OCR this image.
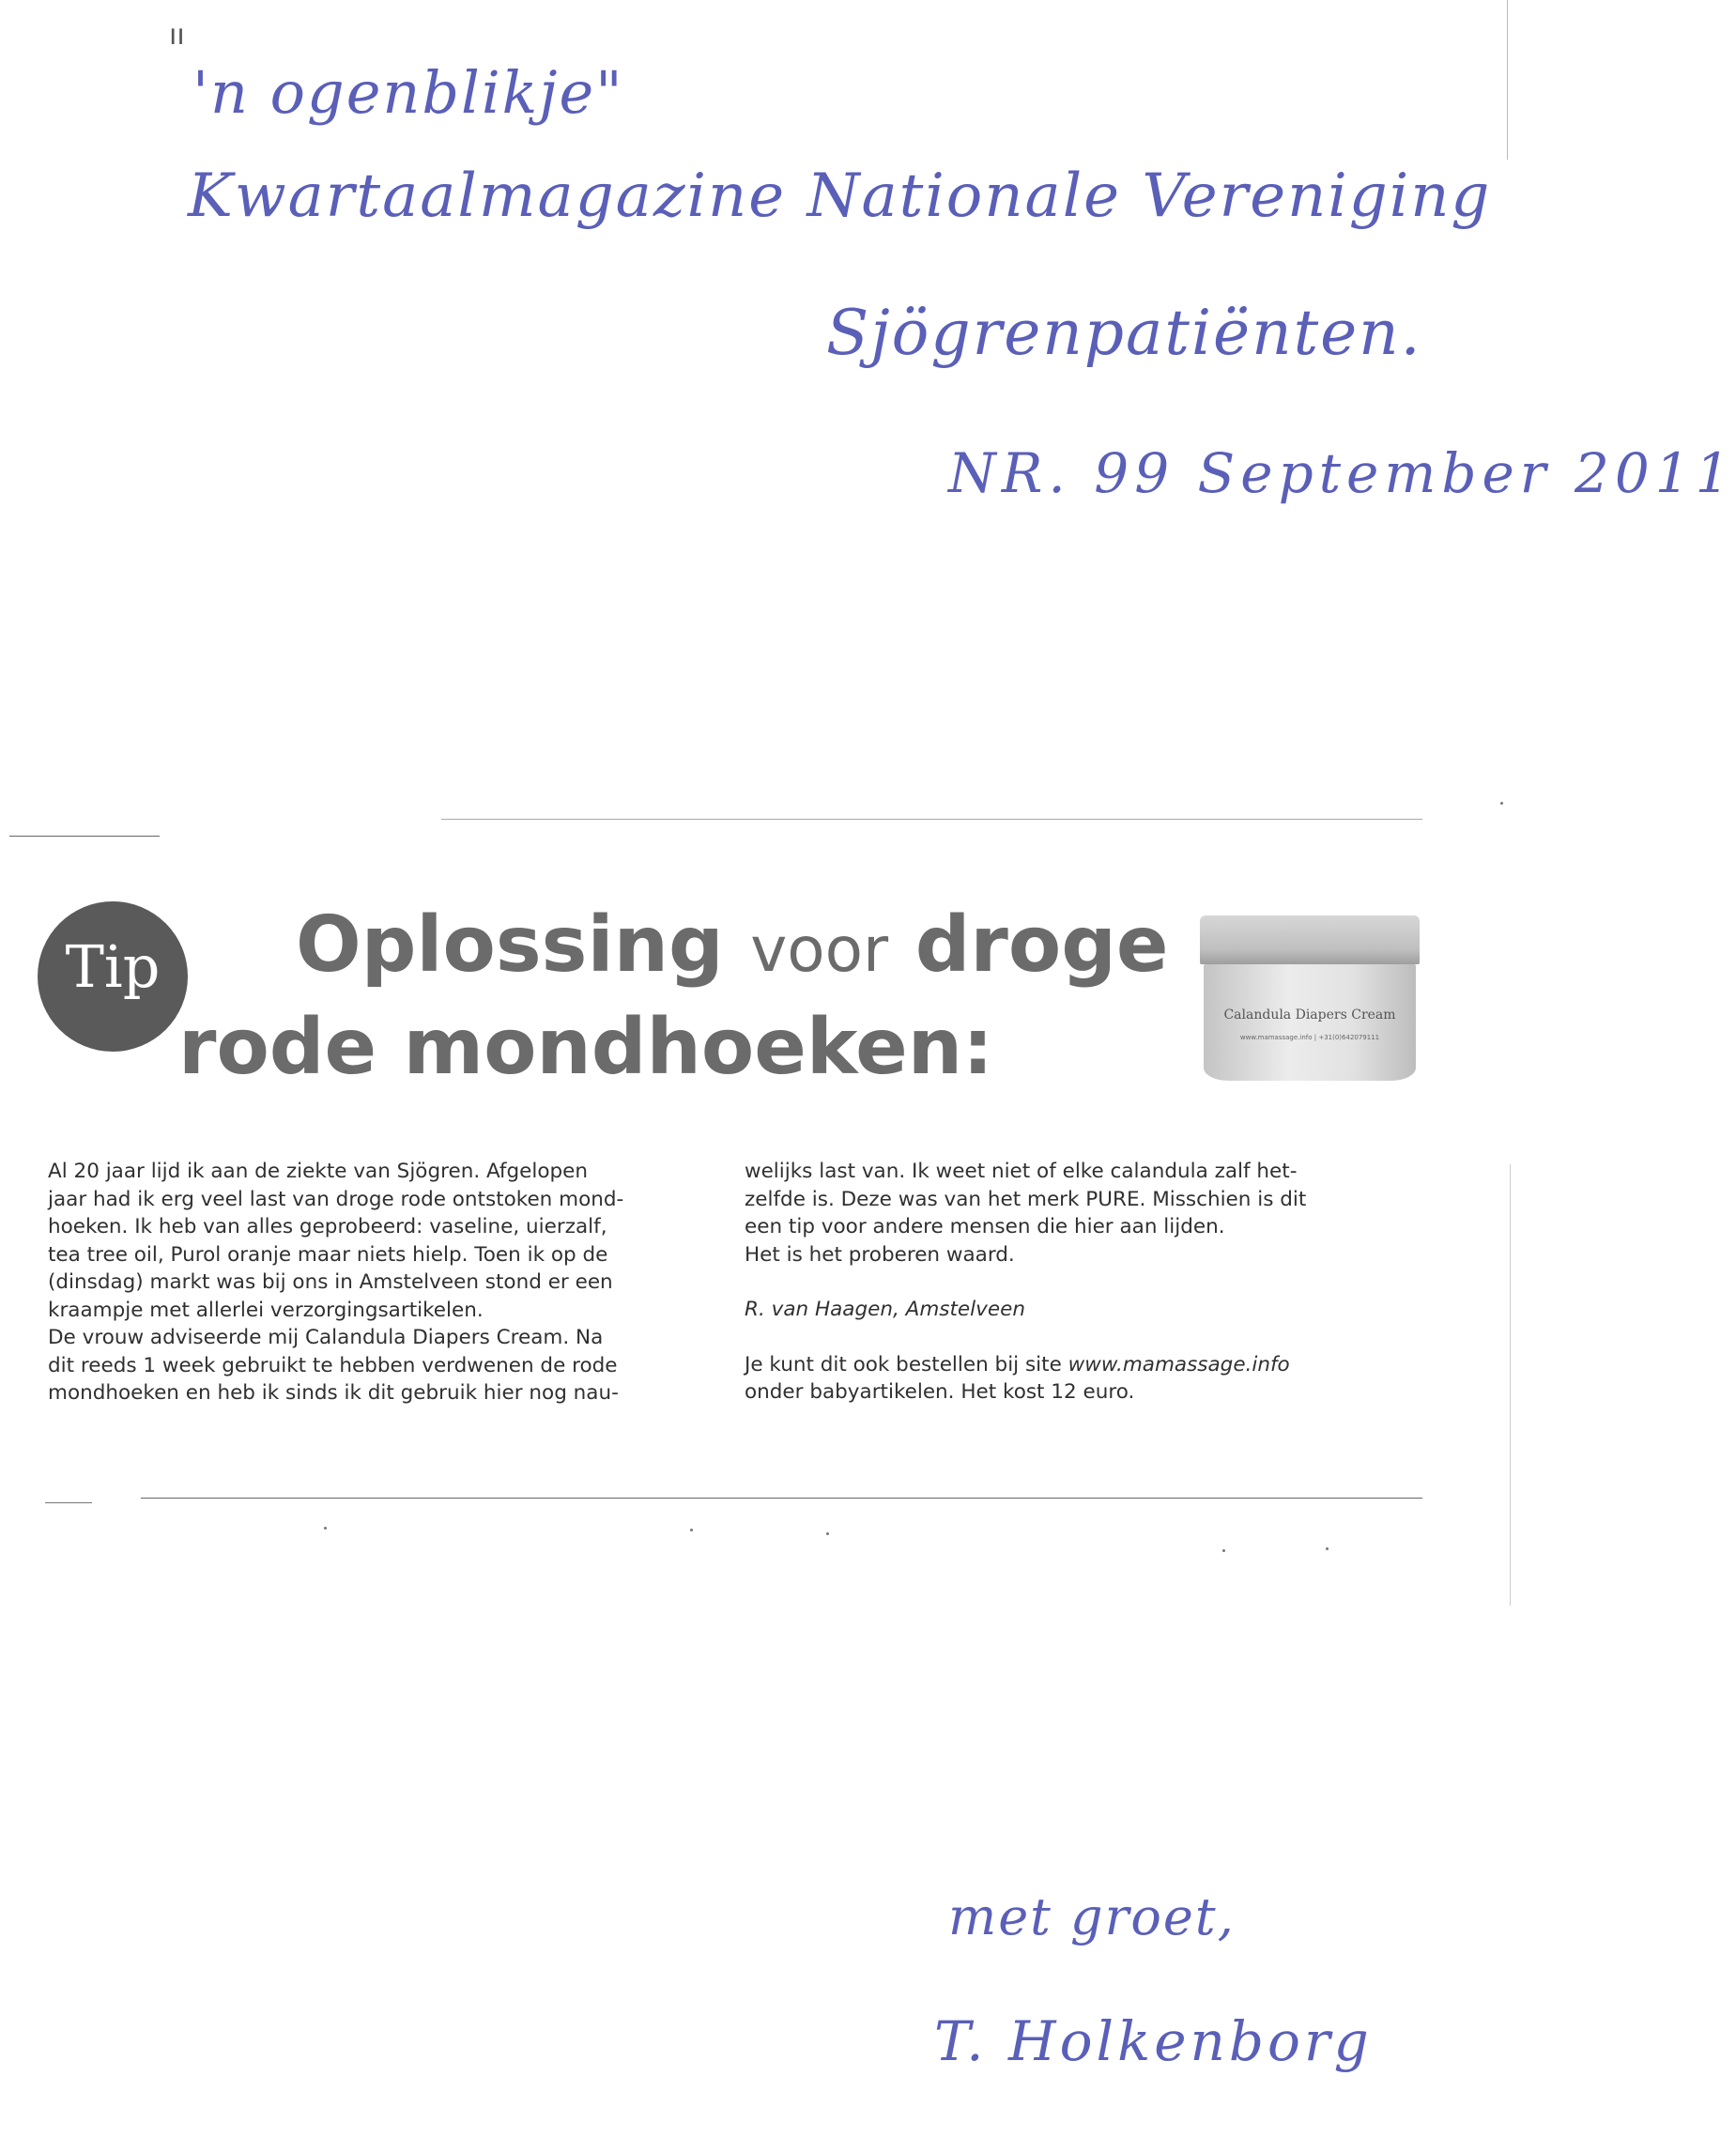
ıı
'n ogenblikje"
Kwartaalmagazine Nationale Vereniging
Sjögrenpatiënten.
NR. 99 September 2011
Tip	Oplossing voor droge
rode mondhoeken:	Calandula Diapers Cream
www.mamassage.info | +31(0)642079111

Al 20 jaar lijd ik aan de ziekte van Sjögren. Afgelopen

jaar had ik erg veel last van droge rode ontstoken mond-

hoeken. Ik heb van alles geprobeerd: vaseline, uierzalf,

tea tree oil, Purol oranje maar niets hielp. Toen ik op de

(dinsdag) markt was bij ons in Amstelveen stond er een

kraampje met allerlei verzorgingsartikelen.

De vrouw adviseerde mij Calandula Diapers Cream. Na

dit reeds 1 week gebruikt te hebben verdwenen de rode

mondhoeken en heb ik sinds ik dit gebruik hier nog nau-

welijks last van. Ik weet niet of elke calandula zalf het-

zelfde is. Deze was van het merk PURE. Misschien is dit

een tip voor andere mensen die hier aan lijden.

Het is het proberen waard.

R. van Haagen, Amstelveen

Je kunt dit ook bestellen bij site www.mamassage.info

onder babyartikelen. Het kost 12 euro.

met groet,
T. Holkenborg
